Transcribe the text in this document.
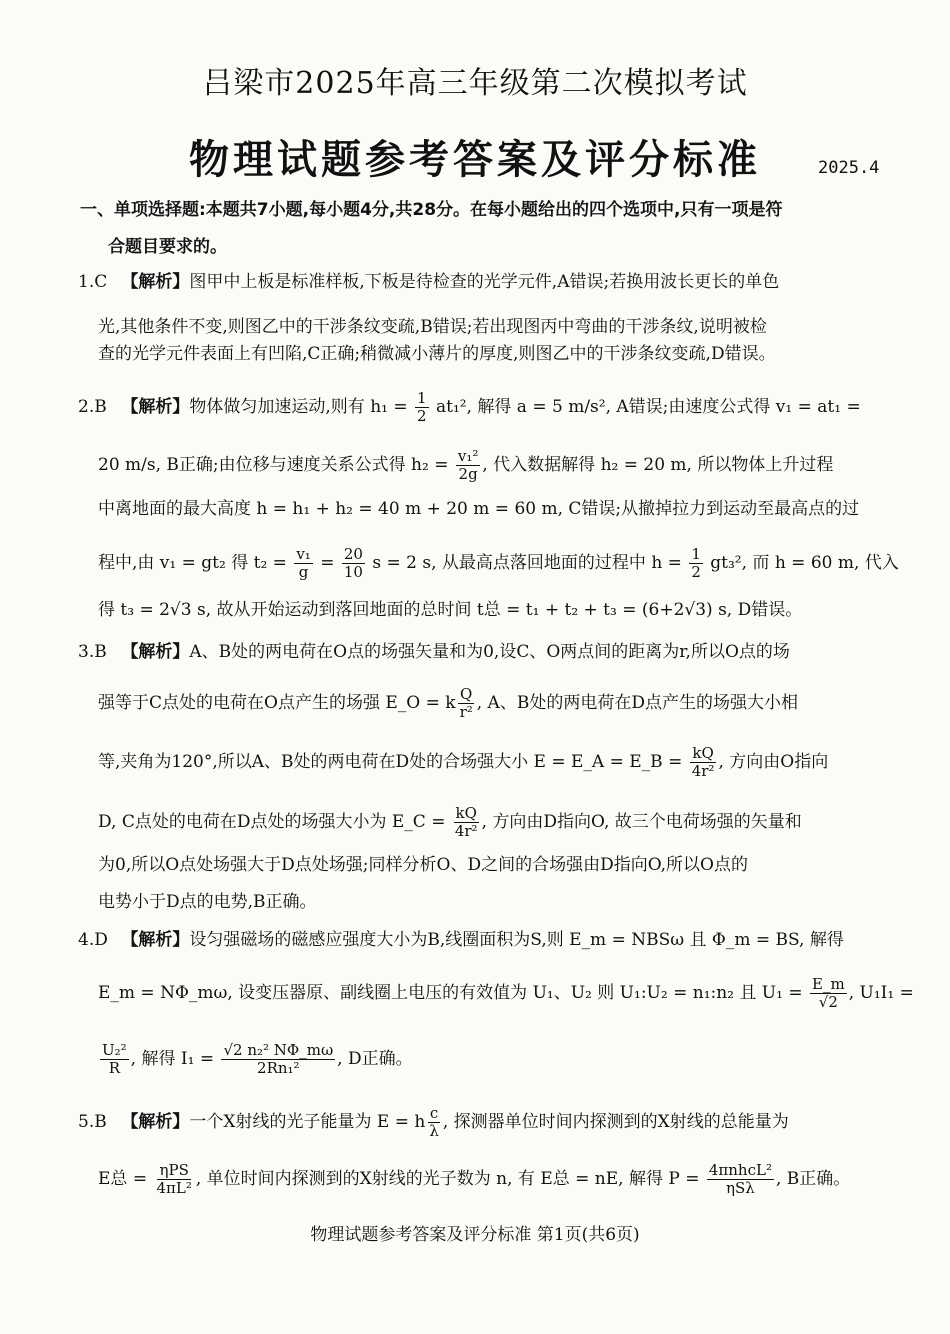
吕梁市2025年高三年级第二次模拟考试
物理试题参考答案及评分标准	2025.4
一、单项选择题:本题共7小题,每小题4分,共28分。在每小题给出的四个选项中,只有一项是符
合题目要求的。
1.C 【解析】图甲中上板是标准样板,下板是待检查的光学元件,A错误;若换用波长更长的单色
光,其他条件不变,则图乙中的干涉条纹变疏,B错误;若出现图丙中弯曲的干涉条纹,说明被检
查的光学元件表面上有凹陷,C正确;稍微减小薄片的厚度,则图乙中的干涉条纹变疏,D错误。
2.B 【解析】物体做匀加速运动,则有 $h_1 = \frac{1}{2} at_1^2$, 解得 a = 5 m/s², A错误;由速度公式得 v₁ = at₁ =
20 m/s, B正确;由位移与速度关系公式得 $h_2 = \frac{\text{v₁²}}{2g}$ , 代入数据解得 h₂ = 20 m, 所以物体上升过程
中离地面的最大高度 h = h₁ + h₂ = 40 m + 20 m = 60 m, C错误;从撤掉拉力到运动至最高点的过
程中,由 v₁ = gt₂ 得 $t_2 = \frac{\text{v₁}}{g} = \frac{20}{10}$ s = 2 s, 从最高点落回地面的过程中 $h = \frac{1}{2} gt_3^2$, 而 h = 60 m, 代入
得 t₃ = 2√3 s, 故从开始运动到落回地面的总时间 t总 = t₁ + t₂ + t₃ = (6+2√3) s, D错误。
3.B 【解析】A、B处的两电荷在O点的场强矢量和为0,设C、O两点间的距离为r,所以O点的场
强等于C点处的电荷在O点产生的场强 E_O = k $\frac{Q}{\text{r²}}$ , A、B处的两电荷在D点产生的场强大小相
等,夹角为120°,所以A、B处的两电荷在D处的合场强大小 E = E_A = E_B = $\frac{kQ}{\text{4r²}}$ , 方向由O指向
D, C点处的电荷在D点处的场强大小为 E_C = $\frac{kQ}{\text{4r²}}$ , 方向由D指向O, 故三个电荷场强的矢量和
为0,所以O点处场强大于D点处场强;同样分析O、D之间的合场强由D指向O,所以O点的
电势小于D点的电势,B正确。
4.D 【解析】设匀强磁场的磁感应强度大小为B,线圈面积为S,则 E_m = NBSω 且 Φ_m = BS, 解得
E_m = NΦ_mω, 设变压器原、副线圈上电压的有效值为 U₁、U₂ 则 U₁:U₂ = n₁:n₂ 且 $U_1 = \frac{E\_m}{√2}$ , U₁I₁ =
$\frac{\text{U₂²}}{R}$ , 解得 $I_1 = \frac{\text{√2 n₂² NΦ\_mω}}{\text{2Rn₁²}}$ , D正确。
5.B 【解析】一个X射线的光子能量为 E = h $\frac{c}{\lambda}$ , 探测器单位时间内探测到的X射线的总能量为
E总 = $\frac{\text{ηPS}}{\text{4πL²}}$ , 单位时间内探测到的X射线的光子数为 n, 有 E总 = nE, 解得 $P = \frac{\text{4πnhcL²}}{\text{ηSλ}}$ , B正确。
物理试题参考答案及评分标准 第1页(共6页)
